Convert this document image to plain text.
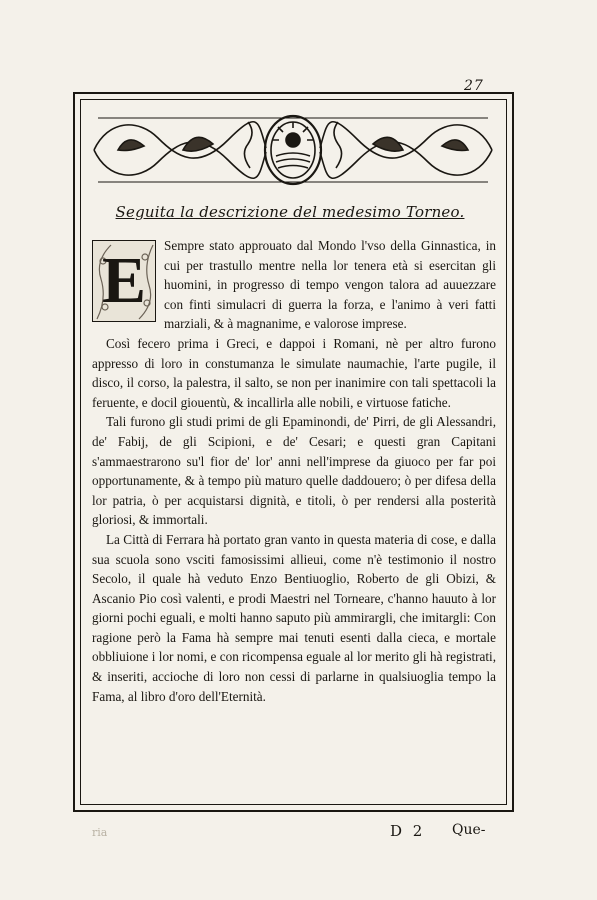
27
Seguita la descrizione del medesimo Torneo.

E	Sempre stato approuato dal Mondo l'vso della Ginnastica, in cui per trastullo mentre nella lor tenera età si esercitan gli huomini, in progresso di tempo vengon talora ad auuezzare con finti simulacri di guerra la forza, e l'animo à veri fatti marziali, & à magnanime, e valorose imprese.

Così fecero prima i Greci, e dappoi i Romani, nè per altro furono appresso di loro in constumanza le simulate naumachie, l'arte pugile, il disco, il corso, la palestra, il salto, se non per inanimire con tali spettacoli la feruente, e docil giouentù, & incallirla alle nobili, e virtuose fatiche.

Tali furono gli studi primi de gli Epaminondi, de' Pirri, de gli Alessandri, de' Fabij, de gli Scipioni, e de' Cesari; e questi gran Capitani s'ammaestrarono su'l fior de' lor' anni nell'imprese da giuoco per far poi opportunamente, & à tempo più maturo quelle daddouero; ò per difesa della lor patria, ò per acquistarsi dignità, e titoli, ò per rendersi alla posterità gloriosi, & immortali.

La Città di Ferrara hà portato gran vanto in questa materia di cose, e dalla sua scuola sono vsciti famosissimi allieui, come n'è testimonio il nostro Secolo, il quale hà veduto Enzo Bentiuoglio, Roberto de gli Obizi, & Ascanio Pio così valenti, e prodi Maestri nel Torneare, c'hanno hauuto à lor giorni pochi eguali, e molti hanno saputo più ammirargli, che imitargli: Con ragione però la Fama hà sempre mai tenuti esenti dalla cieca, e mortale obbliuione i lor nomi, e con ricompensa eguale al lor merito gli hà registrati, & inseriti, accioche di loro non cessi di parlarne in qualsiuoglia tempo la Fama, al libro d'oro dell'Eternità.

D 2 Que-
ria
